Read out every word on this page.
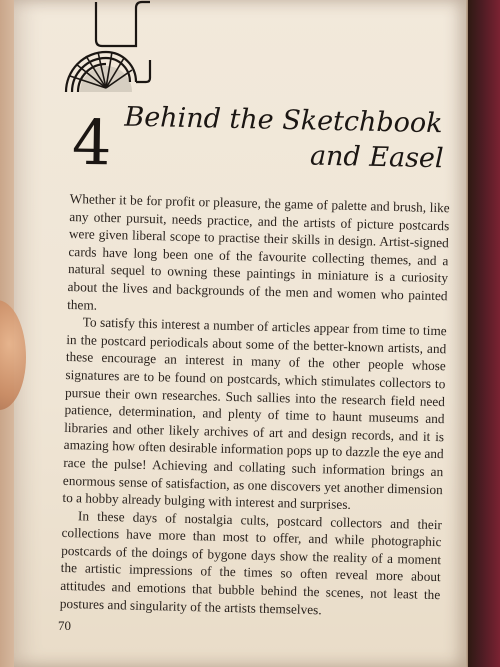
4 Behind the Sketchbook
and Easel

Whether it be for profit or pleasure, the game of palette and brush, like any other pursuit, needs practice, and the artists of picture postcards were given liberal scope to practise their skills in design. Artist-signed cards have long been one of the favourite collecting themes, and a natural sequel to owning these paintings in miniature is a curiosity about the lives and backgrounds of the men and women who painted them.

To satisfy this interest a number of articles appear from time to time in the postcard periodicals about some of the better-known artists, and these encourage an interest in many of the other people whose signatures are to be found on postcards, which stimulates collectors to pursue their own researches. Such sallies into the research field need patience, determination, and plenty of time to haunt museums and libraries and other likely archives of art and design records, and it is amazing how often desirable information pops up to dazzle the eye and race the pulse! Achieving and collating such information brings an enormous sense of satisfaction, as one discovers yet another dimension to a hobby already bulging with interest and surprises.

In these days of nostalgia cults, postcard collectors and their collections have more than most to offer, and while photographic postcards of the doings of bygone days show the reality of a moment the artistic impressions of the times so often reveal more about attitudes and emotions that bubble behind the scenes, not least the postures and singularity of the artists themselves.

70
